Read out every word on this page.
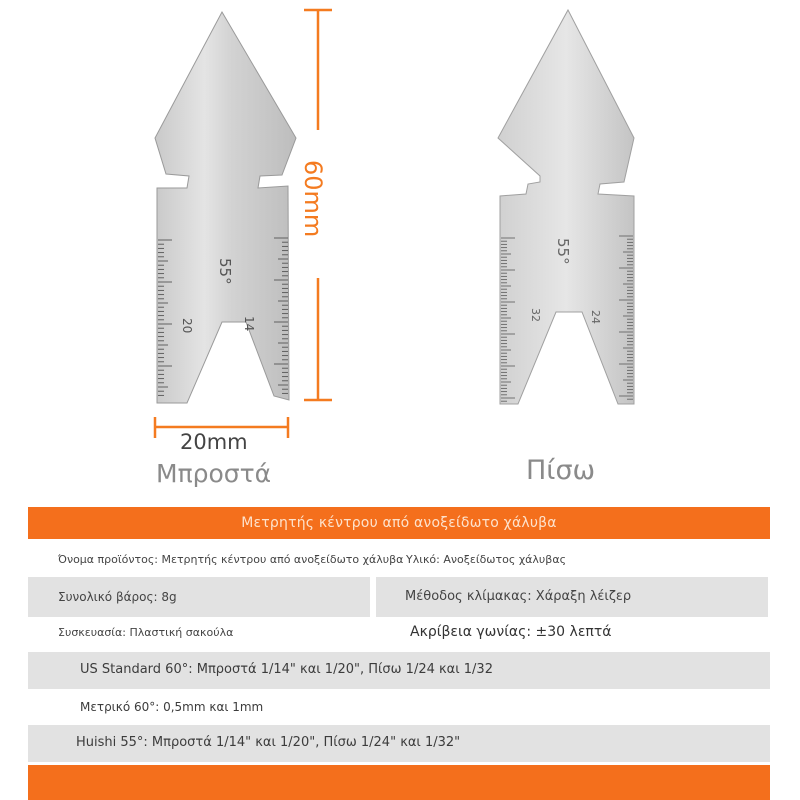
55°
20	14
60mm
20mm
55°
32	24
Μπροστά	Πίσω
Μετρητής κέντρου από ανοξείδωτο χάλυβα
Όνομα προϊόντος: Μετρητής κέντρου από ανοξείδωτο χάλυβα Υλικό: Ανοξείδωτος χάλυβας
Συνολικό βάρος: 8g	Μέθοδος κλίμακας: Χάραξη λέιζερ
Συσκευασία: Πλαστική σακούλα	Ακρίβεια γωνίας: ±30 λεπτά
US Standard 60°: Μπροστά 1/14" και 1/20", Πίσω 1/24 και 1/32
Μετρικό 60°: 0,5mm και 1mm
Huishi 55°: Μπροστά 1/14" και 1/20", Πίσω 1/24" και 1/32"
